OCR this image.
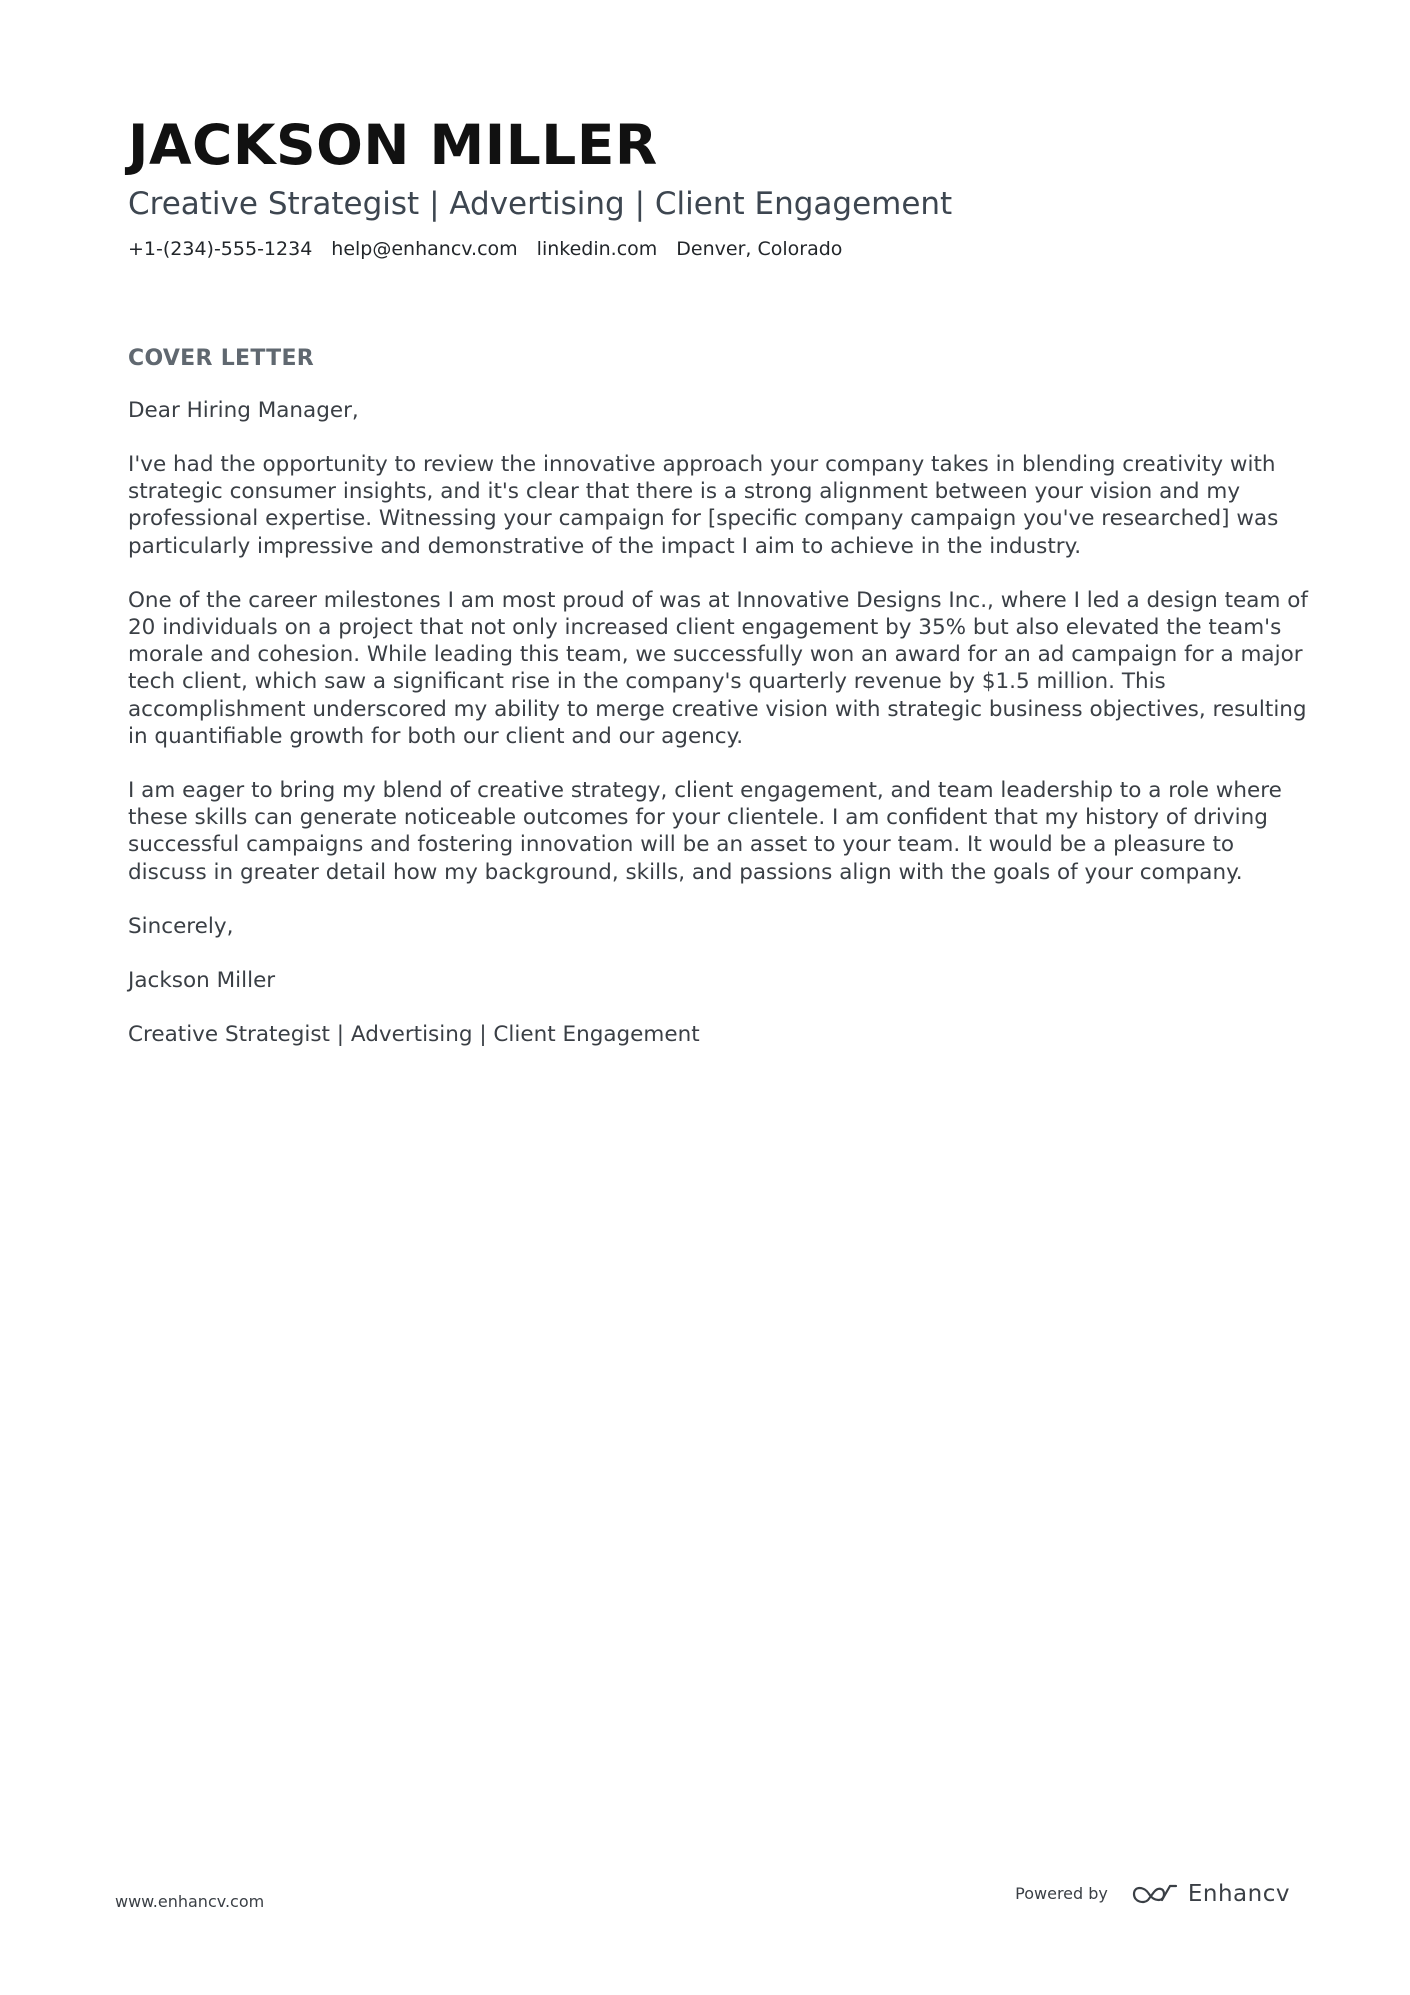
JACKSON MILLER
Creative Strategist | Advertising | Client Engagement
+1-(234)-555-1234 help@enhancv.com linkedin.com Denver, Colorado
COVER LETTER

Dear Hiring Manager,

I've had the opportunity to review the innovative approach your company takes in blending creativity with strategic consumer insights, and it's clear that there is a strong alignment between your vision and my professional expertise. Witnessing your campaign for [specific company campaign you've researched] was particularly impressive and demonstrative of the impact I aim to achieve in the industry.

One of the career milestones I am most proud of was at Innovative Designs Inc., where I led a design team of 20 individuals on a project that not only increased client engagement by 35% but also elevated the team's morale and cohesion. While leading this team, we successfully won an award for an ad campaign for a major tech client, which saw a significant rise in the company's quarterly revenue by $1.5 million. This accomplishment underscored my ability to merge creative vision with strategic business objectives, resulting in quantifiable growth for both our client and our agency.

I am eager to bring my blend of creative strategy, client engagement, and team leadership to a role where these skills can generate noticeable outcomes for your clientele. I am confident that my history of driving successful campaigns and fostering innovation will be an asset to your team. It would be a pleasure to discuss in greater detail how my background, skills, and passions align with the goals of your company.

Sincerely,

Jackson Miller

Creative Strategist | Advertising | Client Engagement

www.enhancv.com	Powered by	Enhancv
